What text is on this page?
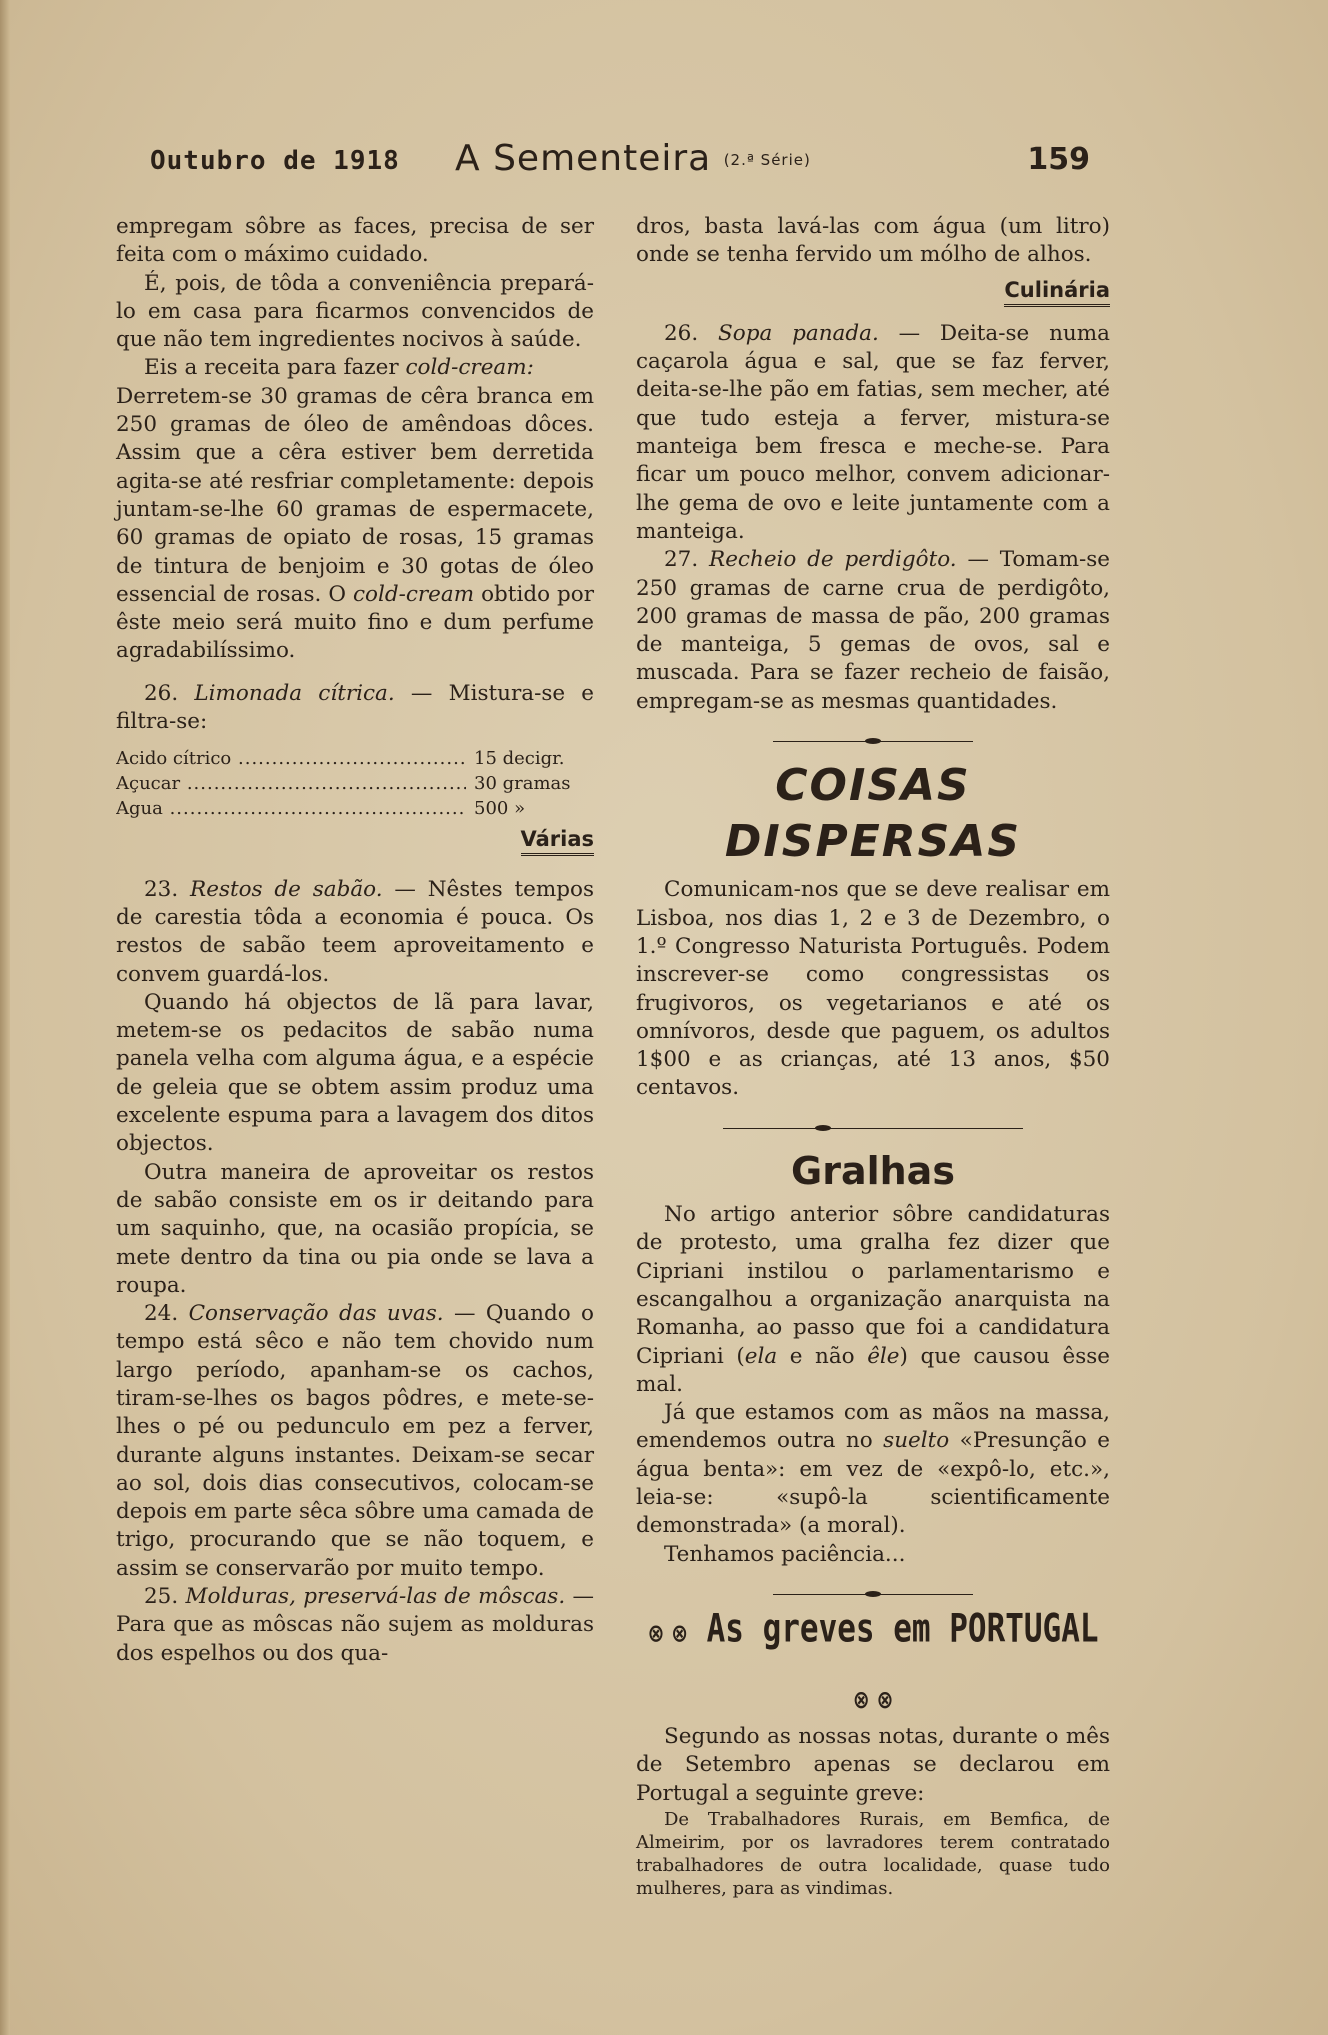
Outubro de 1918 A Sementeira (2.ª Série)	159

empregam sôbre as faces, precisa de ser feita com o máximo cuidado.

É, pois, de tôda a conveniência prepará-lo em casa para ficarmos convencidos de que não tem ingredientes nocivos à saúde.

Eis a receita para fazer cold-cream:

Derretem-se 30 gramas de cêra branca em 250 gramas de óleo de amêndoas dôces. Assim que a cêra estiver bem derretida agita-se até resfriar completamente: depois juntam-se-lhe 60 gramas de espermacete, 60 gramas de opiato de rosas, 15 gramas de tintura de benjoim e 30 gotas de óleo essencial de rosas. O cold-cream obtido por êste meio será muito fino e dum perfume agradabilíssimo.

26. Limonada cítrica. — Mistura-se e filtra-se:

Acido cítrico .....	15 decigr.
Açucar .....	30 gramas
Agua .....	500 »
Várias

23. Restos de sabão. — Nêstes tempos de carestia tôda a economia é pouca. Os restos de sabão teem aproveitamento e convem guardá-los.

Quando há objectos de lã para lavar, metem-se os pedacitos de sabão numa panela velha com alguma água, e a espécie de geleia que se obtem assim produz uma excelente espuma para a lavagem dos ditos objectos.

Outra maneira de aproveitar os restos de sabão consiste em os ir deitando para um saquinho, que, na ocasião propícia, se mete dentro da tina ou pia onde se lava a roupa.

24. Conservação das uvas. — Quando o tempo está sêco e não tem chovido num largo período, apanham-se os cachos, tiram-se-lhes os bagos pôdres, e mete-se-lhes o pé ou pedunculo em pez a ferver, durante alguns instantes. Deixam-se secar ao sol, dois dias consecutivos, colocam-se depois em parte sêca sôbre uma camada de trigo, procurando que se não toquem, e assim se conservarão por muito tempo.

25. Molduras, preservá-las de môscas. — Para que as môscas não sujem as molduras dos espelhos ou dos qua-

dros, basta lavá-las com água (um litro) onde se tenha fervido um mólho de alhos.

Culinária

26. Sopa panada. — Deita-se numa caçarola água e sal, que se faz ferver, deita-se-lhe pão em fatias, sem mecher, até que tudo esteja a ferver, mistura-se manteiga bem fresca e meche-se. Para ficar um pouco melhor, convem adicionar-lhe gema de ovo e leite juntamente com a manteiga.

27. Recheio de perdigôto. — Tomam-se 250 gramas de carne crua de perdigôto, 200 gramas de massa de pão, 200 gramas de manteiga, 5 gemas de ovos, sal e muscada. Para se fazer recheio de faisão, empregam-se as mesmas quantidades.

COISAS DISPERSAS

Comunicam-nos que se deve realisar em Lisboa, nos dias 1, 2 e 3 de Dezembro, o 1.º Congresso Naturista Português. Podem inscrever-se como congressistas os frugivoros, os vegetarianos e até os omnívoros, desde que paguem, os adultos 1$00 e as crianças, até 13 anos, $50 centavos.

Gralhas

No artigo anterior sôbre candidaturas de protesto, uma gralha fez dizer que Cipriani instilou o parlamentarismo e escangalhou a organização anarquista na Romanha, ao passo que foi a candidatura Cipriani (ela e não êle) que causou êsse mal.

Já que estamos com as mãos na massa, emendemos outra no suelto «Presunção e água benta»: em vez de «expô-lo, etc.», leia-se: «supô-la scientificamente demonstrada» (a moral).

Tenhamos paciência...

⊗ ⊗ As greves em PORTUGAL ⊗ ⊗

Segundo as nossas notas, durante o mês de Setembro apenas se declarou em Portugal a seguinte greve:

De Trabalhadores Rurais, em Bemfica, de Almeirim, por os lavradores terem contratado trabalhadores de outra localidade, quase tudo mulheres, para as vindimas.
